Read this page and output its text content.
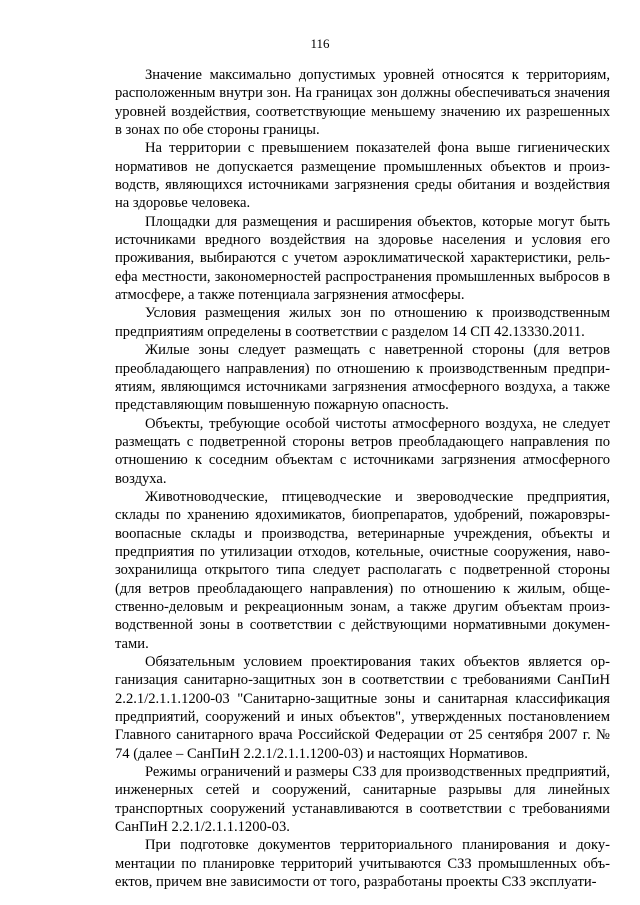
116

Значение максимально допустимых уровней относятся к территориям, расположенным внутри зон. На границах зон должны обеспечиваться значения уровней воздействия, соответствующие меньшему значению их разрешенных в зонах по обе стороны границы.

На территории с превышением показателей фона выше гигиенических нормативов не допускается размещение промышленных объектов и производств, являющихся источниками загрязнения среды обитания и воздействия на здоровье человека.

Площадки для размещения и расширения объектов, которые могут быть источниками вредного воздействия на здоровье населения и условия его проживания, выбираются с учетом аэроклиматической характеристики, рельефа местности, закономерностей распространения промышленных выбросов в атмосфере, а также потенциала загрязнения атмосферы.

Условия размещения жилых зон по отношению к производственным предприятиям определены в соответствии с разделом 14 СП 42.13330.2011.

Жилые зоны следует размещать с наветренной стороны (для ветров преобладающего направления) по отношению к производственным предприятиям, являющимся источниками загрязнения атмосферного воздуха, а также представляющим повышенную пожарную опасность.

Объекты, требующие особой чистоты атмосферного воздуха, не следует размещать с подветренной стороны ветров преобладающего направления по отношению к соседним объектам с источниками загрязнения атмосферного воздуха.

Животноводческие, птицеводческие и звероводческие предприятия, склады по хранению ядохимикатов, биопрепаратов, удобрений, пожаровзрывоопасные склады и производства, ветеринарные учреждения, объекты и предприятия по утилизации отходов, котельные, очистные сооружения, навозохранилища открытого типа следует располагать с подветренной стороны (для ветров преобладающего направления) по отношению к жилым, общественно-деловым и рекреационным зонам, а также другим объектам производственной зоны в соответствии с действующими нормативными документами.

Обязательным условием проектирования таких объектов является организация санитарно-защитных зон в соответствии с требованиями СанПиН 2.2.1/2.1.1.1200-03 "Санитарно-защитные зоны и санитарная классификация предприятий, сооружений и иных объектов", утвержденных постановлением Главного санитарного врача Российской Федерации от 25 сентября 2007 г. № 74 (далее – СанПиН 2.2.1/2.1.1.1200-03) и настоящих Нормативов.

Режимы ограничений и размеры СЗЗ для производственных предприятий, инженерных сетей и сооружений, санитарные разрывы для линейных транспортных сооружений устанавливаются в соответствии с требованиями СанПиН 2.2.1/2.1.1.1200-03.

При подготовке документов территориального планирования и документации по планировке территорий учитываются СЗЗ промышленных объектов, причем вне зависимости от того, разработаны проекты СЗЗ эксплуати-
